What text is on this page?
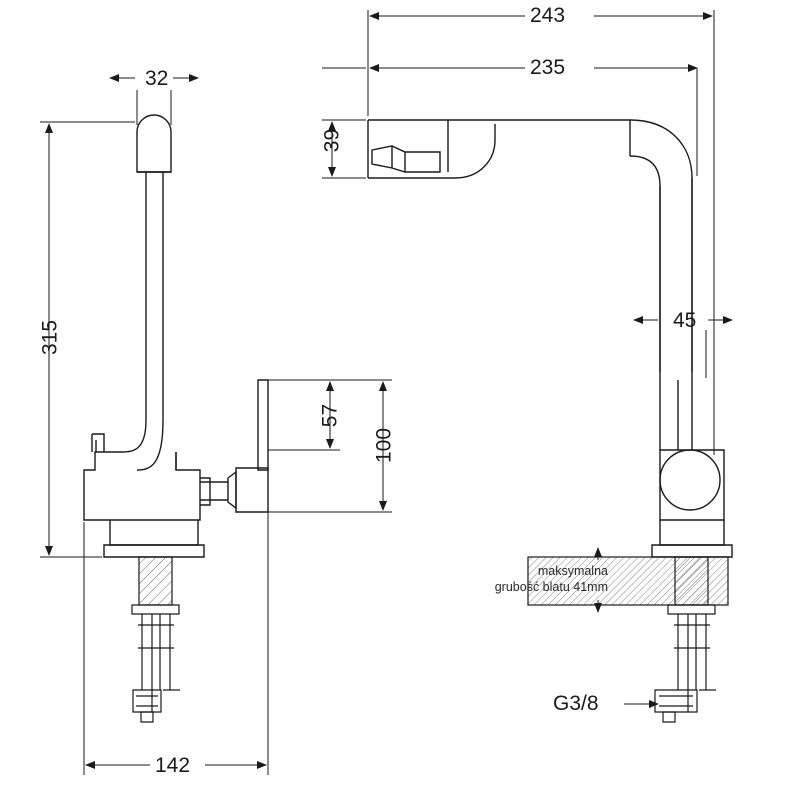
32
315
57
100
142
243
235
39
45
G3/8
maksymalna
grubość blatu 41mm
